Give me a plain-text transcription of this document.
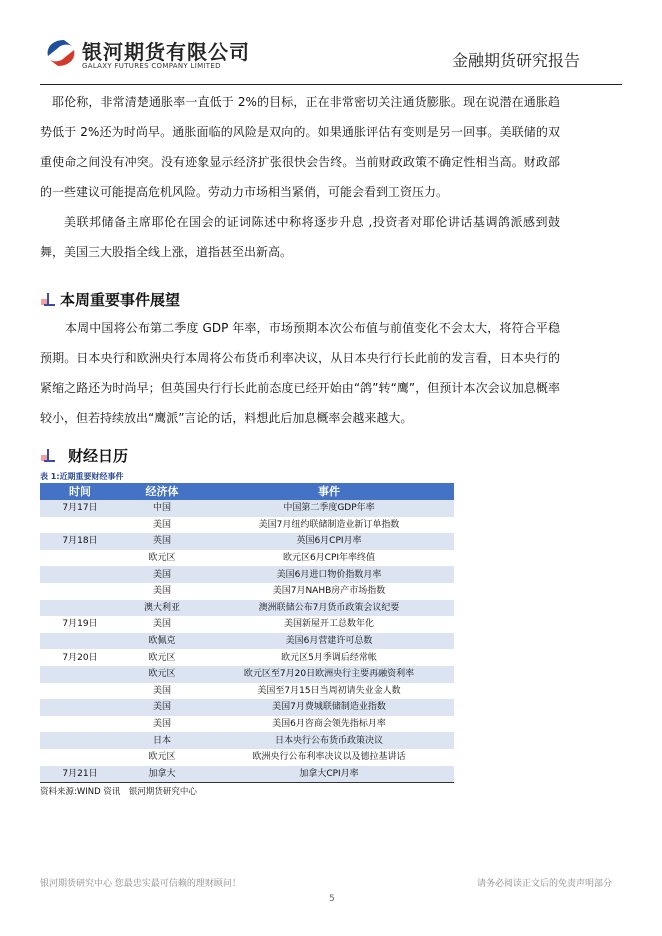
银河期货有限公司
GALAXY FUTURES COMPANY LIMITED	金融期货研究报告

耶伦称，非常清楚通胀率一直低于 2%的目标，正在非常密切关注通货膨胀。现在说潜在通胀趋势低于 2%还为时尚早。通胀面临的风险是双向的。如果通胀评估有变则是另一回事。美联储的双重使命之间没有冲突。没有迹象显示经济扩张很快会告终。当前财政政策不确定性相当高。财政部的一些建议可能提高危机风险。劳动力市场相当紧俏，可能会看到工资压力。

美联邦储备主席耶伦在国会的证词陈述中称将逐步升息 ,投资者对耶伦讲话基调鸽派感到鼓舞，美国三大股指全线上涨，道指甚至出新高。

本周重要事件展望

本周中国将公布第二季度 GDP 年率，市场预期本次公布值与前值变化不会太大，将符合平稳预期。日本央行和欧洲央行本周将公布货币利率决议，从日本央行行长此前的发言看，日本央行的紧缩之路还为时尚早；但英国央行行长此前态度已经开始由“鸽”转“鹰”，但预计本次会议加息概率较小，但若持续放出“鹰派”言论的话，料想此后加息概率会越来越大。

财经日历
表 1:近期重要财经事件
时间	经济体	事件
7月17日	中国	中国第二季度GDP年率
	美国	美国7月纽约联储制造业新订单指数
7月18日	英国	英国6月CPI月率
	欧元区	欧元区6月CPI年率终值
	美国	美国6月进口物价指数月率
	美国	美国7月NAHB房产市场指数
	澳大利亚	澳洲联储公布7月货币政策会议纪要
7月19日	美国	美国新屋开工总数年化
	欧佩克	美国6月营建许可总数
7月20日	欧元区	欧元区5月季调后经常帐
	欧元区	欧元区至7月20日欧洲央行主要再融资利率
	美国	美国至7月15日当周初请失业金人数
	美国	美国7月费城联储制造业指数
	美国	美国6月咨商会领先指标月率
	日本	日本央行公布货币政策决议
	欧元区	欧洲央行公布利率决议以及德拉基讲话
7月21日	加拿大	加拿大CPI月率
资料来源:WIND 资讯　银河期货研究中心
银河期货研究中心 您最忠实最可信赖的理财顾问！	请务必阅读正文后的免责声明部分
5
